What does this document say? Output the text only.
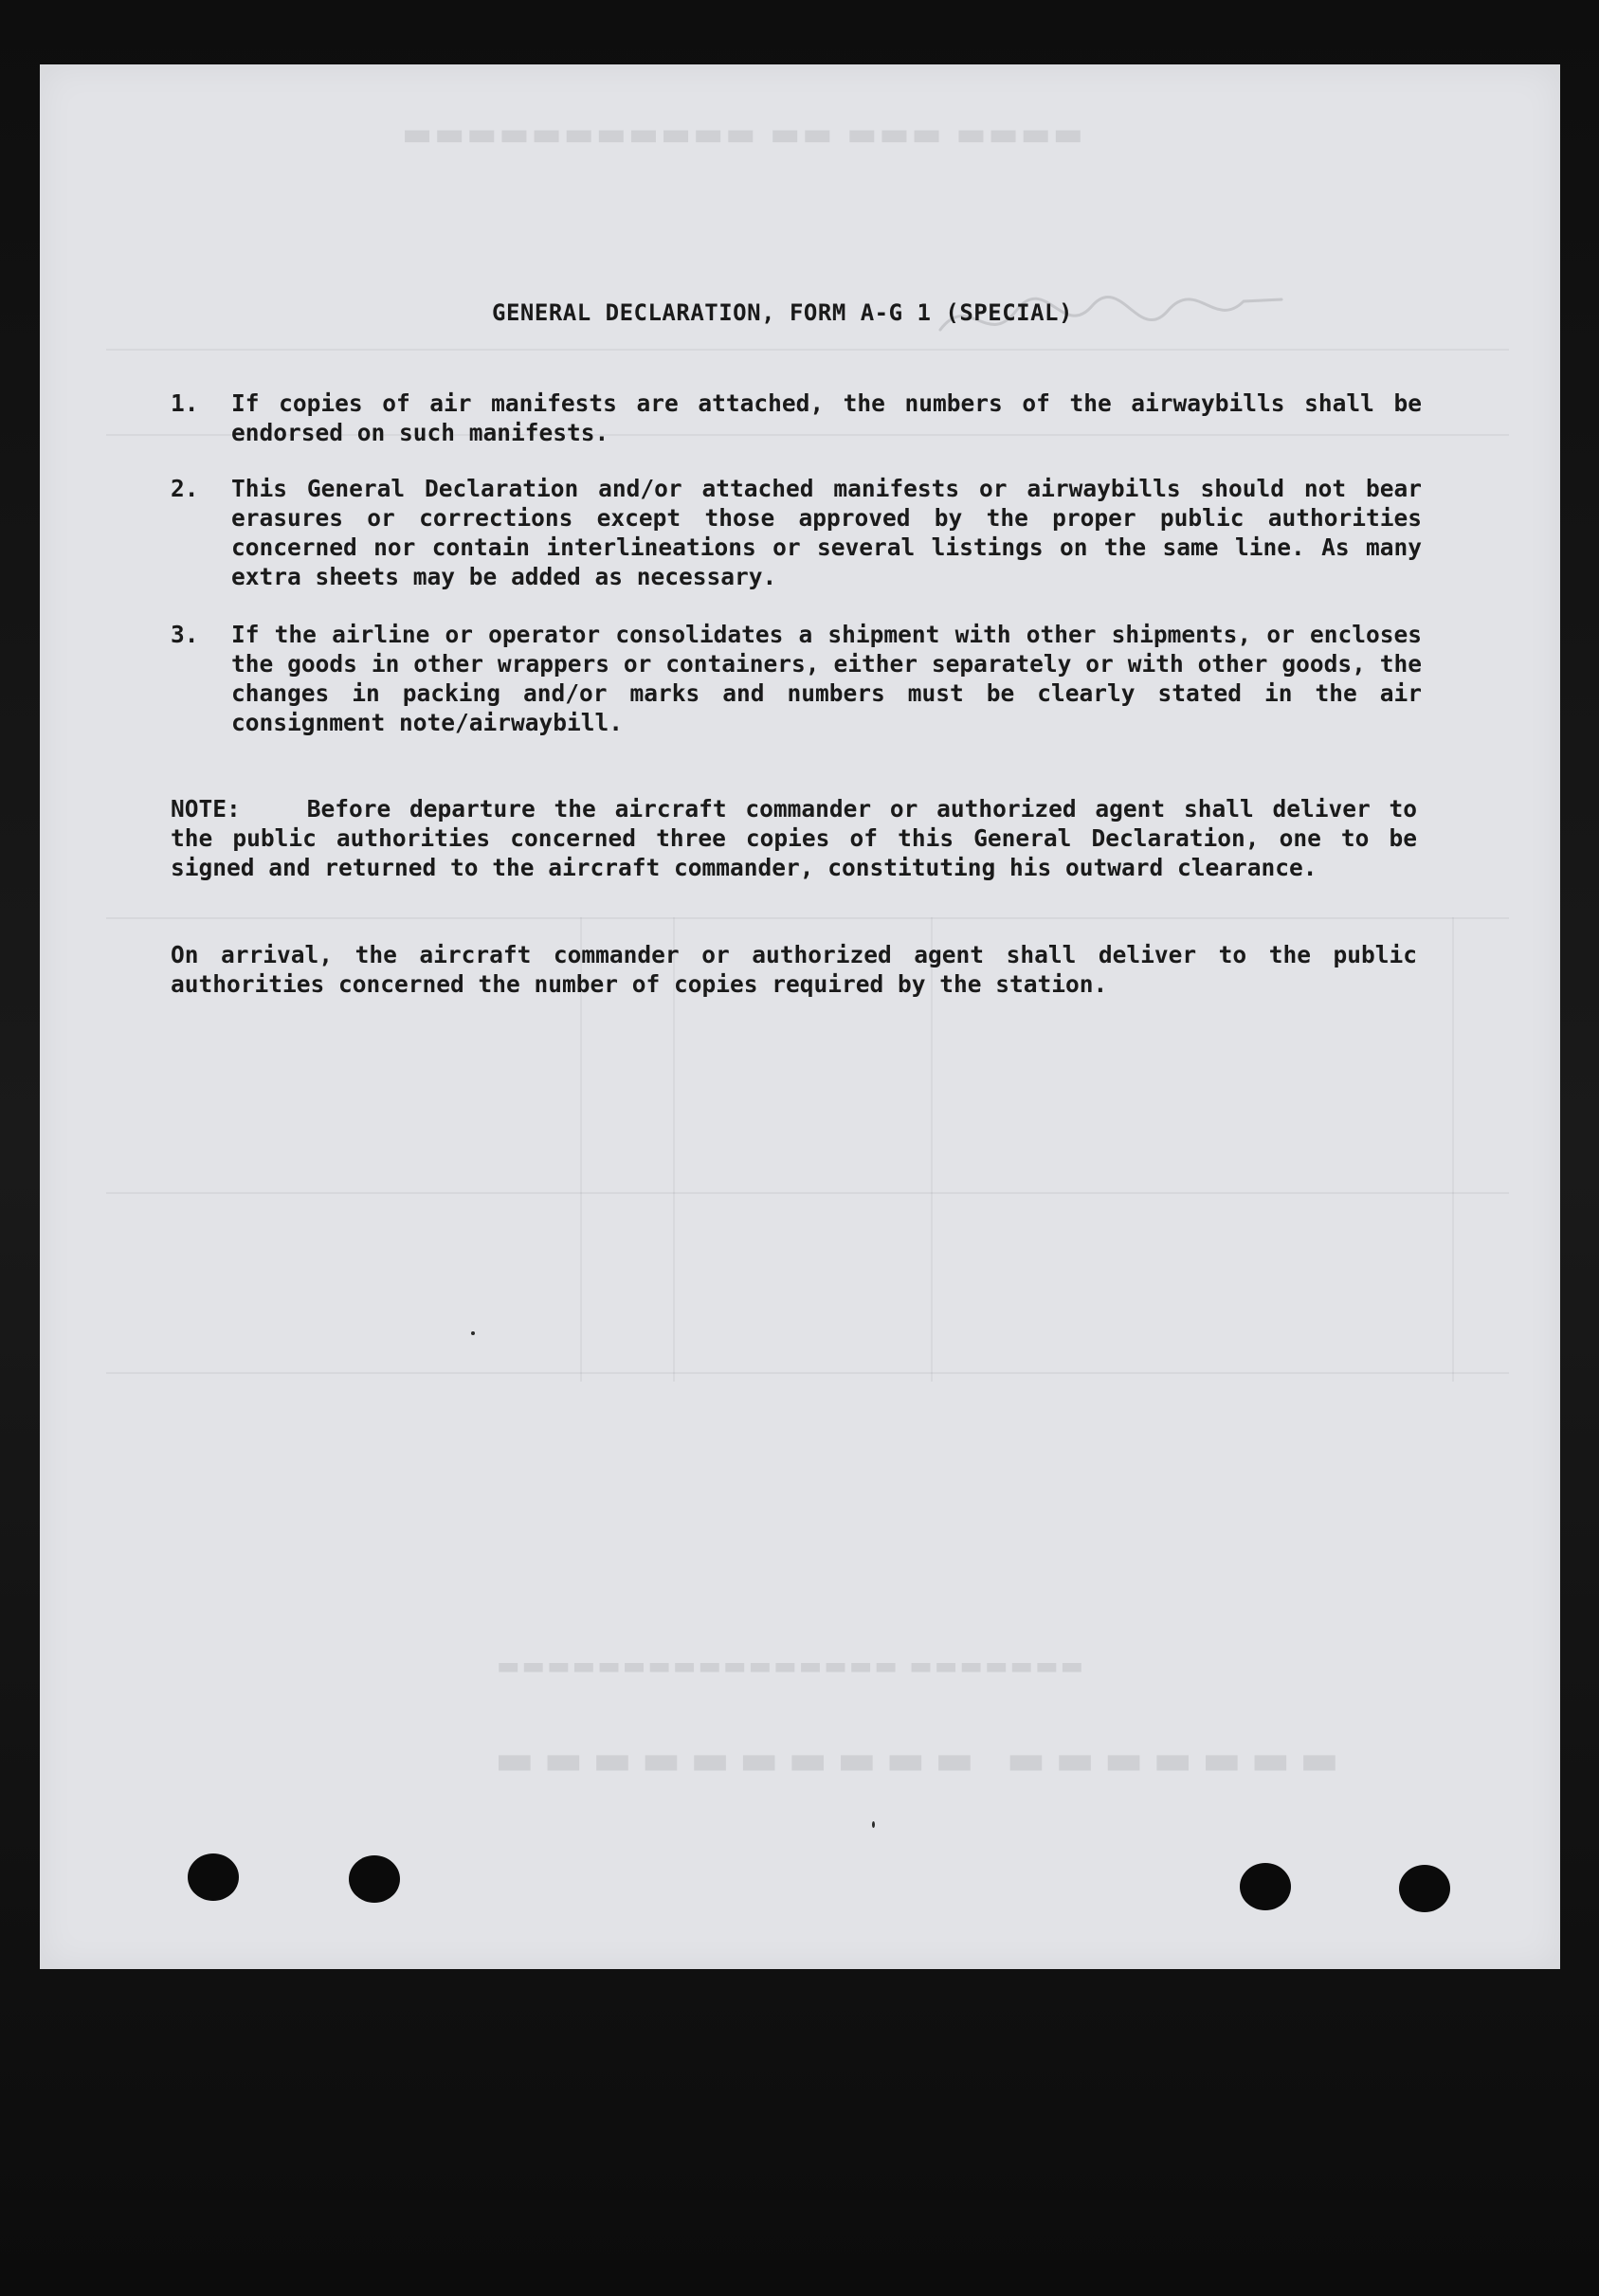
▬▬▬▬ ▬▬▬ ▬▬ ▬▬▬▬▬▬▬▬▬▬▬
▬▬▬▬▬▬▬ ▬▬▬▬▬▬▬▬▬▬
▬▬▬▬▬▬▬ ▬▬▬▬▬▬▬▬▬▬▬▬▬▬▬▬
GENERAL DECLARATION, FORM A-G 1 (SPECIAL)
1.	If copies of air manifests are attached, the numbers of the airwaybills shall be endorsed on such manifests.
2.	This General Declaration and/or attached manifests or airwaybills should not bear erasures or corrections except those approved by the proper public authorities concerned nor contain interlineations or several listings on the same line. As many extra sheets may be added as necessary.
3.	If the airline or operator consolidates a shipment with other shipments, or encloses the goods in other wrappers or containers, either separately or with other goods, the changes in packing and/or marks and numbers must be clearly stated in the air consignment note/airwaybill.

NOTE:	Before departure the aircraft commander or authorized agent shall deliver to the public authorities concerned three copies of this General Declaration, one to be signed and returned to the aircraft commander, constituting his outward clearance.

On arrival, the aircraft commander or authorized agent shall deliver to the public authorities concerned the number of copies required by the station.
